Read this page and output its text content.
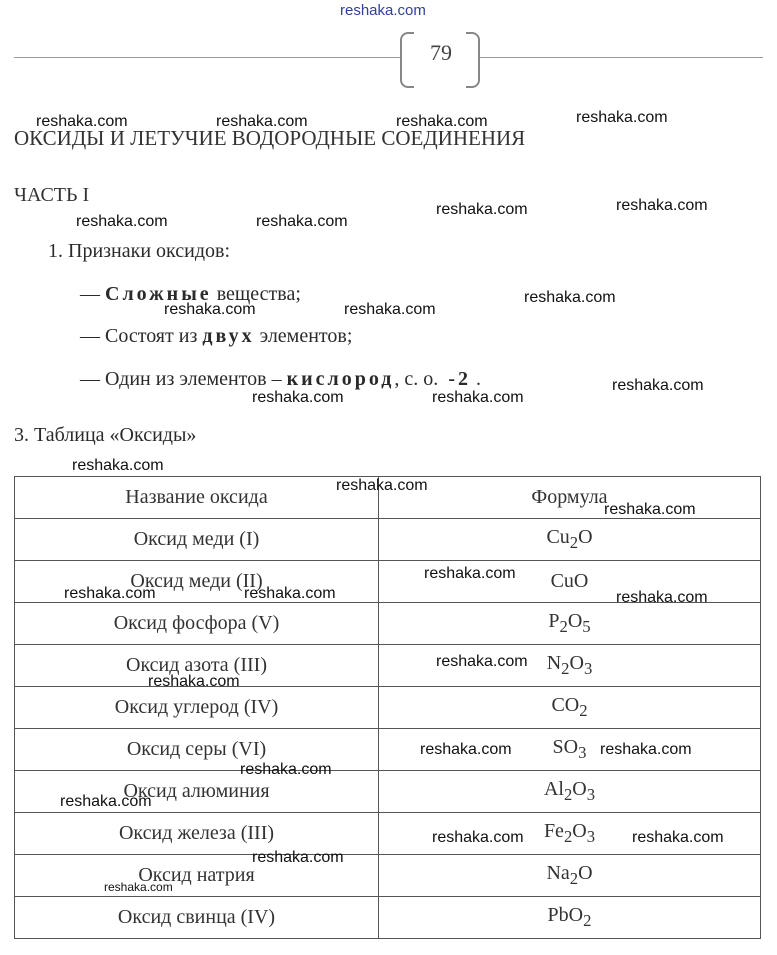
reshaka.com
79
ОКСИДЫ И ЛЕТУЧИЕ ВОДОРОДНЫЕ СОЕДИНЕНИЯ
ЧАСТЬ I
1. Признаки оксидов:
— Сложные вещества;
— Состоят из двух элементов;
— Один из элементов – кислород, с. о. -2 .
3. Таблица «Оксиды»
Название оксида	Формула
Оксид меди (I)	$Cu_2O$
Оксид меди (II)	CuO
Оксид фосфора (V)	$P_2O_5$
Оксид азота (III)	$N_2O_3$
Оксид углерод (IV)	$CO_2$
Оксид серы (VI)	$SO_3$
Оксид алюминия	$Al_2O_3$
Оксид железа (III)	$Fe_2O_3$
Оксид натрия	$Na_2O$
Оксид свинца (IV)	PbO$_2$
reshaka.com	reshaka.com	reshaka.com	reshaka.com
reshaka.com	reshaka.com
reshaka.com	reshaka.com
reshaka.com	reshaka.com
reshaka.com
reshaka.com
reshaka.com	reshaka.com
reshaka.com
reshaka.com
reshaka.com
reshaka.com
reshaka.com	reshaka.com	reshaka.com
reshaka.com
reshaka.com
reshaka.com	reshaka.com
reshaka.com
reshaka.com
reshaka.com	reshaka.com
reshaka.com
reshaka.com
